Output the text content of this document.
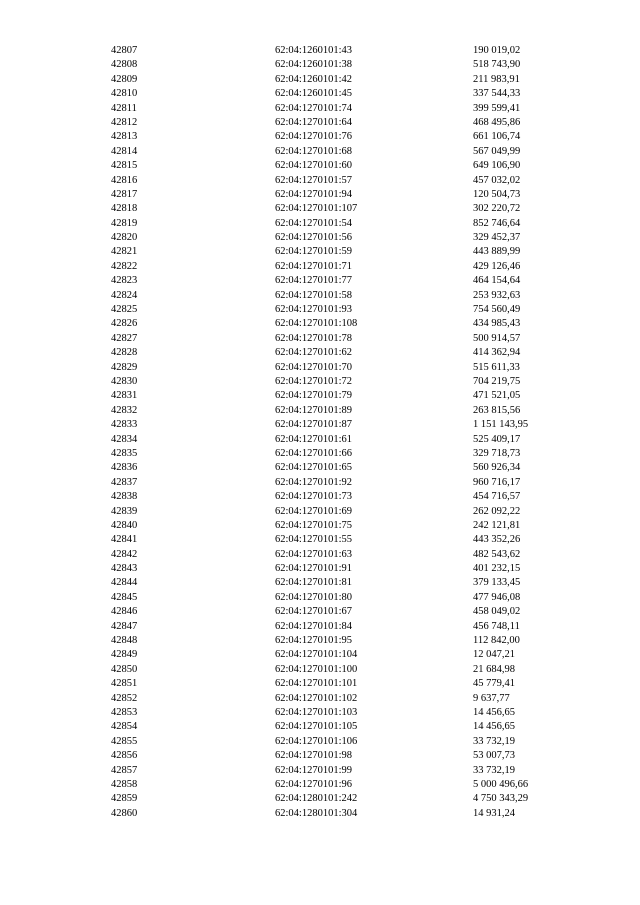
42807	62:04:1260101:43	190 019,02
42808	62:04:1260101:38	518 743,90
42809	62:04:1260101:42	211 983,91
42810	62:04:1260101:45	337 544,33
42811	62:04:1270101:74	399 599,41
42812	62:04:1270101:64	468 495,86
42813	62:04:1270101:76	661 106,74
42814	62:04:1270101:68	567 049,99
42815	62:04:1270101:60	649 106,90
42816	62:04:1270101:57	457 032,02
42817	62:04:1270101:94	120 504,73
42818	62:04:1270101:107	302 220,72
42819	62:04:1270101:54	852 746,64
42820	62:04:1270101:56	329 452,37
42821	62:04:1270101:59	443 889,99
42822	62:04:1270101:71	429 126,46
42823	62:04:1270101:77	464 154,64
42824	62:04:1270101:58	253 932,63
42825	62:04:1270101:93	754 560,49
42826	62:04:1270101:108	434 985,43
42827	62:04:1270101:78	500 914,57
42828	62:04:1270101:62	414 362,94
42829	62:04:1270101:70	515 611,33
42830	62:04:1270101:72	704 219,75
42831	62:04:1270101:79	471 521,05
42832	62:04:1270101:89	263 815,56
42833	62:04:1270101:87	1 151 143,95
42834	62:04:1270101:61	525 409,17
42835	62:04:1270101:66	329 718,73
42836	62:04:1270101:65	560 926,34
42837	62:04:1270101:92	960 716,17
42838	62:04:1270101:73	454 716,57
42839	62:04:1270101:69	262 092,22
42840	62:04:1270101:75	242 121,81
42841	62:04:1270101:55	443 352,26
42842	62:04:1270101:63	482 543,62
42843	62:04:1270101:91	401 232,15
42844	62:04:1270101:81	379 133,45
42845	62:04:1270101:80	477 946,08
42846	62:04:1270101:67	458 049,02
42847	62:04:1270101:84	456 748,11
42848	62:04:1270101:95	112 842,00
42849	62:04:1270101:104	12 047,21
42850	62:04:1270101:100	21 684,98
42851	62:04:1270101:101	45 779,41
42852	62:04:1270101:102	9 637,77
42853	62:04:1270101:103	14 456,65
42854	62:04:1270101:105	14 456,65
42855	62:04:1270101:106	33 732,19
42856	62:04:1270101:98	53 007,73
42857	62:04:1270101:99	33 732,19
42858	62:04:1270101:96	5 000 496,66
42859	62:04:1280101:242	4 750 343,29
42860	62:04:1280101:304	14 931,24
